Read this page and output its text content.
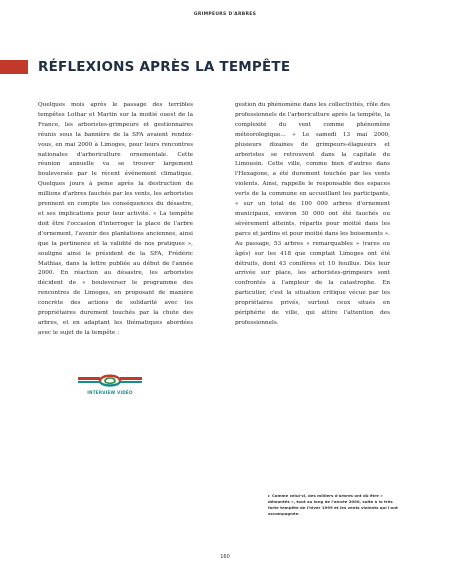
GRIMPEURS D'ARBRES
RÉFLEXIONS APRÈS LA TEMPÊTE

Quelques mois après le passage des terribles tempêtes Lothar et Martin sur la moitié ouest de la France, les arboristes-grimpeurs et gestionnaires réunis sous la bannière de la SFA avaient rendez-vous, en mai 2000 à Limoges, pour leurs rencontres nationales d'arboriculture ornementale. Cette réunion annuelle va se trouver largement bouleversée par le récent événement climatique. Quelques jours à peine après la destruction de millions d'arbres fauchés par les vents, les arboristes prennent en compte les conséquences du désastre, et ses implications pour leur activité. « La tempête doit être l'occasion d'interroger la place de l'arbre d'ornement, l'avenir des plantations anciennes, ainsi que la pertinence et la validité de nos pratiques », souligne ainsi le président de la SFA, Frédéric Mathias, dans la lettre publiée au début de l'année 2000. En réaction au désastre, les arboristes décident de « bouleverser le programme des rencontres de Limoges, en proposant de manière concrète des actions de solidarité avec les propriétaires durement touchés par la chute des arbres, et en adaptant les thématiques abordées avec le sujet de la tempête :

gestion du phénomène dans les collectivités, rôle des professionnels de l'arboriculture après la tempête, la complexité du vent comme phénomène météorologique... » Le samedi 13 mai 2000, plusieurs dizaines de grimpeurs-élagueurs et arboristes se retrouvent dans la capitale du Limousin. Cette ville, comme bien d'autres dans l'Hexagone, a été durement touchée par les vents violents. Ainsi, rappelle le responsable des espaces verts de la commune en accueillant les participants, « sur un total de 100 000 arbres d'ornement municipaux, environ 30 000 ont été fauchés ou sévèrement atteints, répartis pour moitié dans les parcs et jardins et pour moitié dans les boisements ». Au passage, 53 arbres « remarquables » (rares ou âgés) sur les 418 que comptait Limoges ont été détruits, dont 43 conifères et 10 feuillus. Dès leur arrivée sur place, les arboristes-grimpeurs sont confrontés à l'ampleur de la catastrophe. En particulier, c'est la situation critique vécue par les propriétaires privés, surtout ceux situés en périphérie de ville, qui attire l'attention des professionnels.

INTERVIEW VIDÉO
▸ Comme celui-ci, des milliers d'arbres ont dû être « démontés », tout au long de l'année 2000, suite à la très forte tempête de l'hiver 1999 et les vents violents qui l'ont accompagnée.
160
